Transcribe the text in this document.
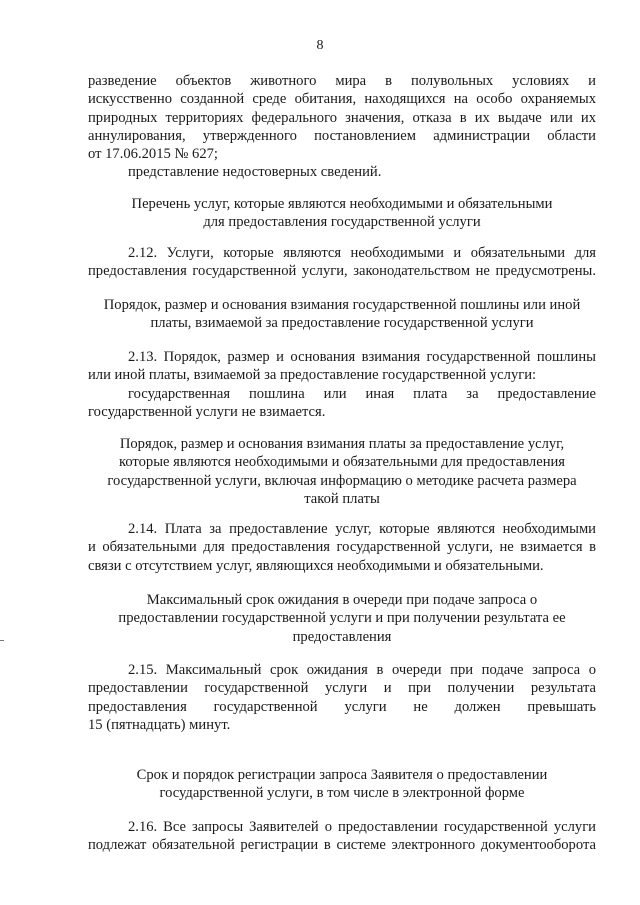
8
разведение объектов животного мира в полувольных условиях и
искусственно созданной среде обитания, находящихся на особо охраняемых
природных территориях федерального значения, отказа в их выдаче или их
аннулирования, утвержденного постановлением администрации области
от 17.06.2015 № 627;
представление недостоверных сведений.
Перечень услуг, которые являются необходимыми и обязательными
для предоставления государственной услуги
2.12. Услуги, которые являются необходимыми и обязательными для
предоставления государственной услуги, законодательством не предусмотрены.
Порядок, размер и основания взимания государственной пошлины или иной
платы, взимаемой за предоставление государственной услуги
2.13. Порядок, размер и основания взимания государственной пошлины
или иной платы, взимаемой за предоставление государственной услуги:
государственная пошлина или иная плата за предоставление
государственной услуги не взимается.
Порядок, размер и основания взимания платы за предоставление услуг,
которые являются необходимыми и обязательными для предоставления
государственной услуги, включая информацию о методике расчета размера
такой платы
2.14. Плата за предоставление услуг, которые являются необходимыми
и обязательными для предоставления государственной услуги, не взимается в
связи с отсутствием услуг, являющихся необходимыми и обязательными.
Максимальный срок ожидания в очереди при подаче запроса о
предоставлении государственной услуги и при получении результата ее
предоставления
2.15. Максимальный срок ожидания в очереди при подаче запроса о
предоставлении государственной услуги и при получении результата
предоставления государственной услуги не должен превышать
15 (пятнадцать) минут.
Срок и порядок регистрации запроса Заявителя о предоставлении
государственной услуги, в том числе в электронной форме
2.16. Все запросы Заявителей о предоставлении государственной услуги
подлежат обязательной регистрации в системе электронного документооборота
